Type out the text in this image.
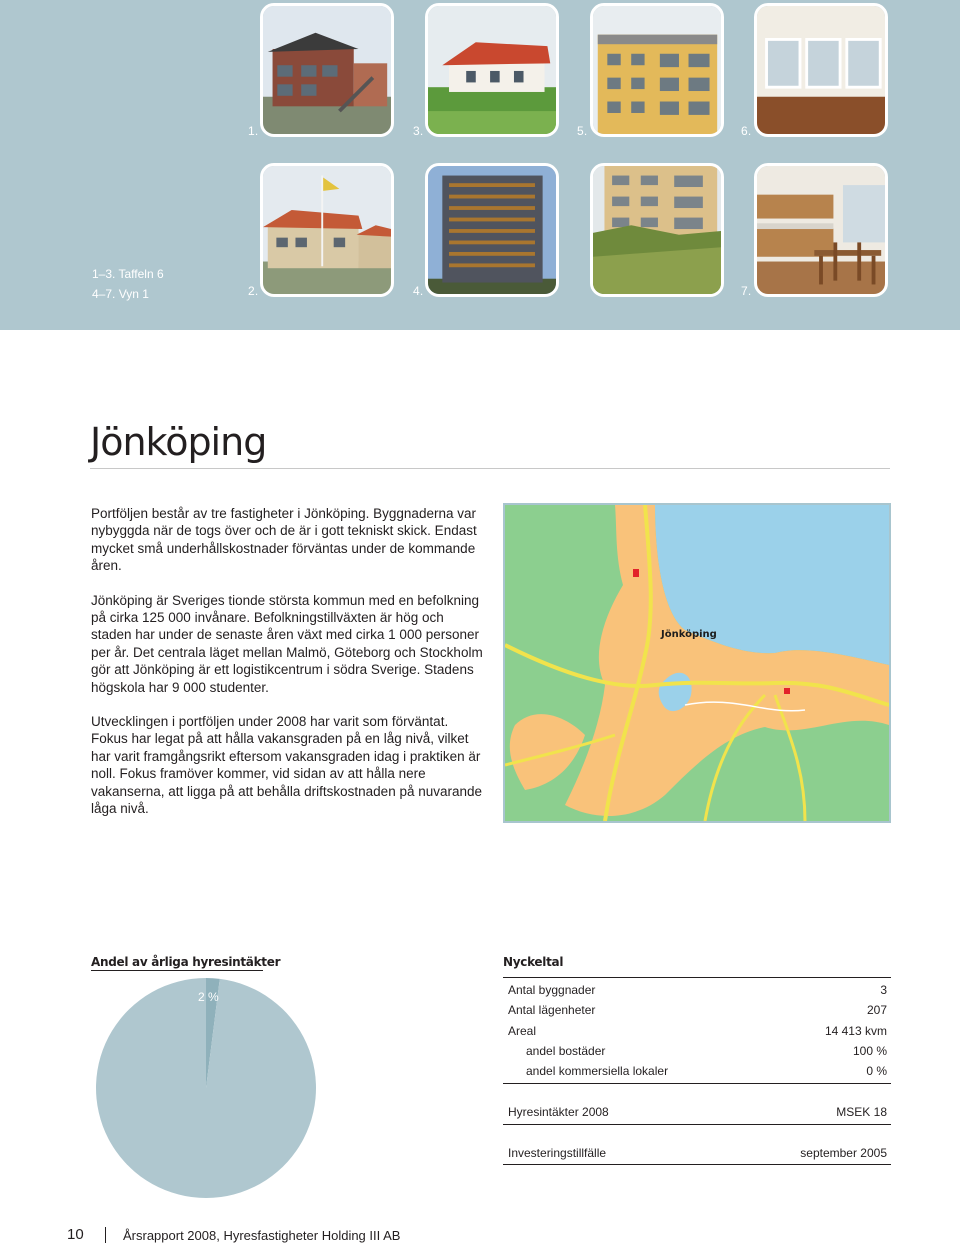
1.	3.	5.	6.
2.	4.	7.
1–3. Taffeln 6
4–7. Vyn 1
Jönköping

Portföljen består av tre fastigheter i Jönköping. Byggnaderna var nybyggda när de togs över och de är i gott tekniskt skick. Endast mycket små underhållskostnader förväntas under de kommande åren.

Jönköping är Sveriges tionde största kommun med en befolkning på cirka 125 000 invånare. Befolkningstillväxten är hög och staden har under de senaste åren växt med cirka 1 000 personer per år. Det centrala läget mellan Malmö, Göteborg och Stockholm gör att Jönköping är ett logistikcentrum i södra Sverige. Stadens högskola har 9 000 studenter.

Utvecklingen i portföljen under 2008 har varit som förväntat. Fokus har legat på att hålla vakansgraden på en låg nivå, vilket har varit framgångsrikt eftersom vakansgraden idag i praktiken är noll. Fokus framöver kommer, vid sidan av att hålla nere vakanserna, att ligga på att behålla driftskostnaden på nuvarande låga nivå.

Jönköping
Andel av årliga hyresintäkter
2 %
Nyckeltal
Antal byggnader	3
Antal lägenheter	207
Areal	14 413 kvm
andel bostäder	100 %
andel kommersiella lokaler	0 %
Hyresintäkter 2008	MSEK 18
Investeringstillfälle	september 2005
10	Årsrapport 2008, Hyresfastigheter Holding III AB
